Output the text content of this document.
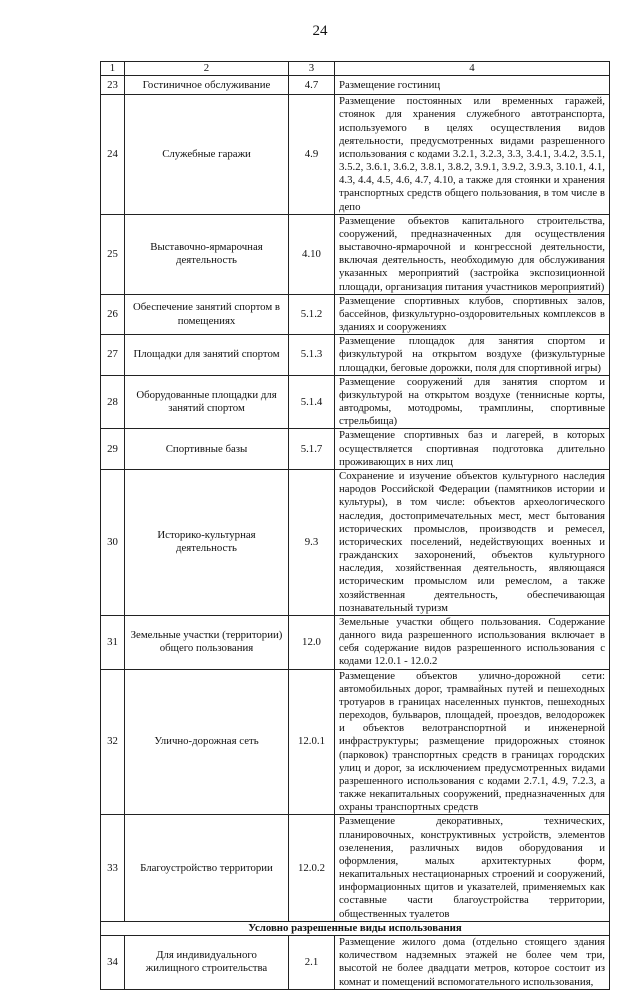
24
1	2	3	4
23	Гостиничное обслуживание	4.7	Размещение гостиниц
24	Служебные гаражи	4.9	Размещение постоянных или временных гаражей, стоянок для хранения служебного автотранспорта, используемого в целях осуществления видов деятельности, предусмотренных видами разрешенного использования с кодами 3.2.1, 3.2.3, 3.3, 3.4.1, 3.4.2, 3.5.1, 3.5.2, 3.6.1, 3.6.2, 3.8.1, 3.8.2, 3.9.1, 3.9.2, 3.9.3, 3.10.1, 4.1, 4.3, 4.4, 4.5, 4.6, 4.7, 4.10, а также для стоянки и хранения транспортных средств общего пользования, в том числе в депо
25	Выставочно-ярмарочная деятельность	4.10	Размещение объектов капитального строительства, сооружений, предназначенных для осуществления выставочно-ярмарочной и конгрессной деятельности, включая деятельность, необходимую для обслуживания указанных мероприятий (застройка экспозиционной площади, организация питания участников мероприятий)
26	Обеспечение занятий спортом в помещениях	5.1.2	Размещение спортивных клубов, спортивных залов, бассейнов, физкультурно-оздоровительных комплексов в зданиях и сооружениях
27	Площадки для занятий спортом	5.1.3	Размещение площадок для занятия спортом и физкультурой на открытом воздухе (физкультурные площадки, беговые дорожки, поля для спортивной игры)
28	Оборудованные площадки для занятий спортом	5.1.4	Размещение сооружений для занятия спортом и физкультурой на открытом воздухе (теннисные корты, автодромы, мотодромы, трамплины, спортивные стрельбища)
29	Спортивные базы	5.1.7	Размещение спортивных баз и лагерей, в которых осуществляется спортивная подготовка длительно проживающих в них лиц
30	Историко-культурная деятельность	9.3	Сохранение и изучение объектов культурного наследия народов Российской Федерации (памятников истории и культуры), в том числе: объектов археологического наследия, достопримечательных мест, мест бытования исторических промыслов, производств и ремесел, исторических поселений, недействующих военных и гражданских захоронений, объектов культурного наследия, хозяйственная деятельность, являющаяся историческим промыслом или ремеслом, а также хозяйственная деятельность, обеспечивающая познавательный туризм
31	Земельные участки (территории) общего пользования	12.0	Земельные участки общего пользования. Содержание данного вида разрешенного использования включает в себя содержание видов разрешенного использования с кодами 12.0.1 - 12.0.2
32	Улично-дорожная сеть	12.0.1	Размещение объектов улично-дорожной сети: автомобильных дорог, трамвайных путей и пешеходных тротуаров в границах населенных пунктов, пешеходных переходов, бульваров, площадей, проездов, велодорожек и объектов велотранспортной и инженерной инфраструктуры; размещение придорожных стоянок (парковок) транспортных средств в границах городских улиц и дорог, за исключением предусмотренных видами разрешенного использования с кодами 2.7.1, 4.9, 7.2.3, а также некапитальных сооружений, предназначенных для охраны транспортных средств
33	Благоустройство территории	12.0.2	Размещение декоративных, технических, планировочных, конструктивных устройств, элементов озеленения, различных видов оборудования и оформления, малых архитектурных форм, некапитальных нестационарных строений и сооружений, информационных щитов и указателей, применяемых как составные части благоустройства территории, общественных туалетов
Условно разрешенные виды использования			
34	Для индивидуального жилищного строительства	2.1	Размещение жилого дома (отдельно стоящего здания количеством надземных этажей не более чем три, высотой не более двадцати метров, которое состоит из комнат и помещений вспомогательного использования,
